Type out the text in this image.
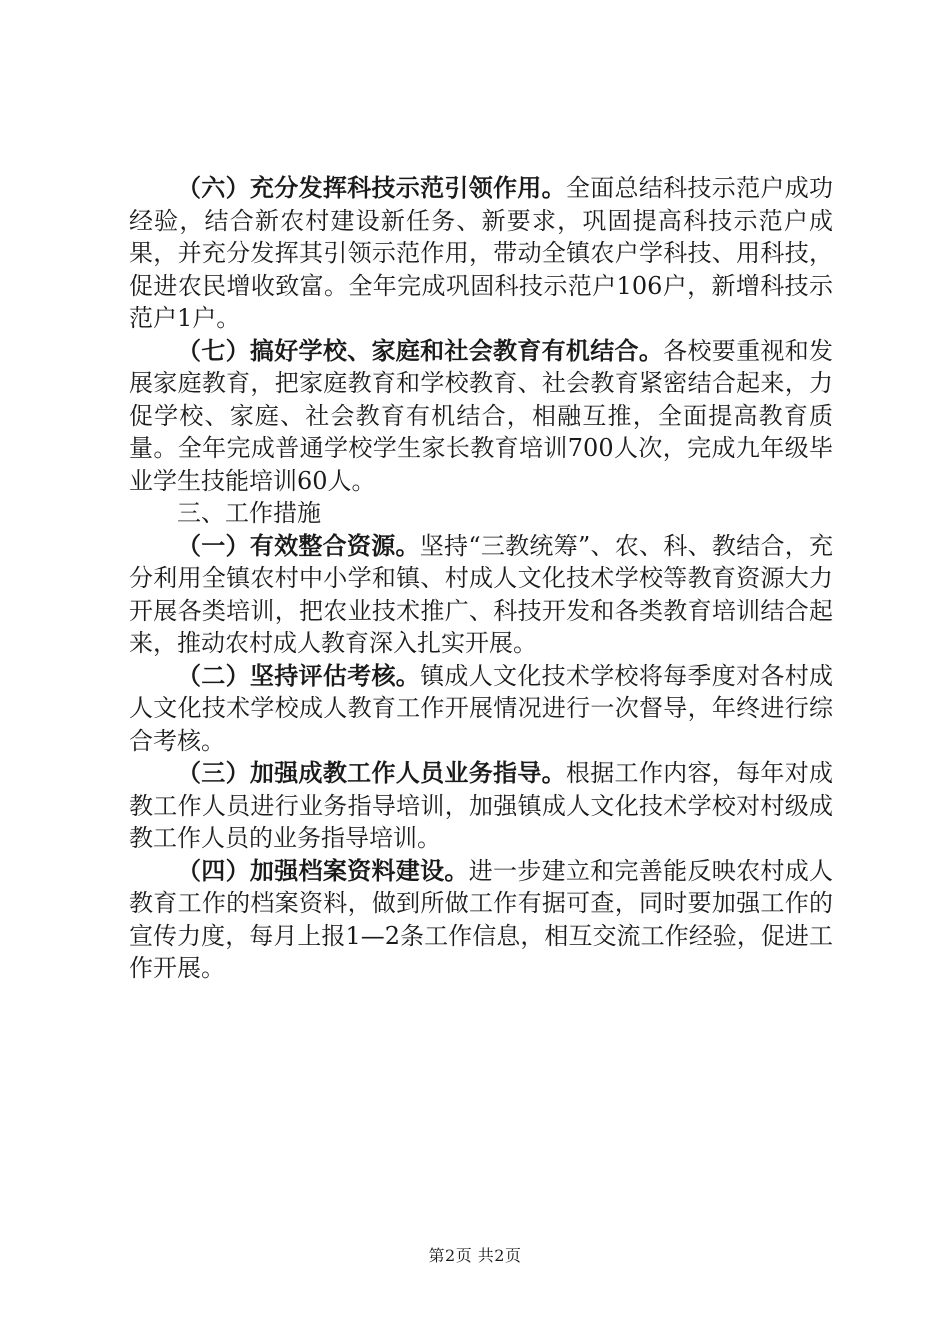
（六）充分发挥科技示范引领作用。全面总结科技示范户成功经验，结合新农村建设新任务、新要求，巩固提高科技示范户成果，并充分发挥其引领示范作用，带动全镇农户学科技、用科技，促进农民增收致富。全年完成巩固科技示范户106户，新增科技示范户1户。

（七）搞好学校、家庭和社会教育有机结合。各校要重视和发展家庭教育，把家庭教育和学校教育、社会教育紧密结合起来，力促学校、家庭、社会教育有机结合，相融互推，全面提高教育质量。全年完成普通学校学生家长教育培训700人次，完成九年级毕业学生技能培训60人。

三、工作措施

（一）有效整合资源。坚持“三教统筹”、农、科、教结合，充分利用全镇农村中小学和镇、村成人文化技术学校等教育资源大力开展各类培训，把农业技术推广、科技开发和各类教育培训结合起来，推动农村成人教育深入扎实开展。

（二）坚持评估考核。镇成人文化技术学校将每季度对各村成人文化技术学校成人教育工作开展情况进行一次督导，年终进行综合考核。

（三）加强成教工作人员业务指导。根据工作内容，每年对成教工作人员进行业务指导培训，加强镇成人文化技术学校对村级成教工作人员的业务指导培训。

（四）加强档案资料建设。进一步建立和完善能反映农村成人教育工作的档案资料，做到所做工作有据可查，同时要加强工作的宣传力度，每月上报1—2条工作信息，相互交流工作经验，促进工作开展。

第2页 共2页
